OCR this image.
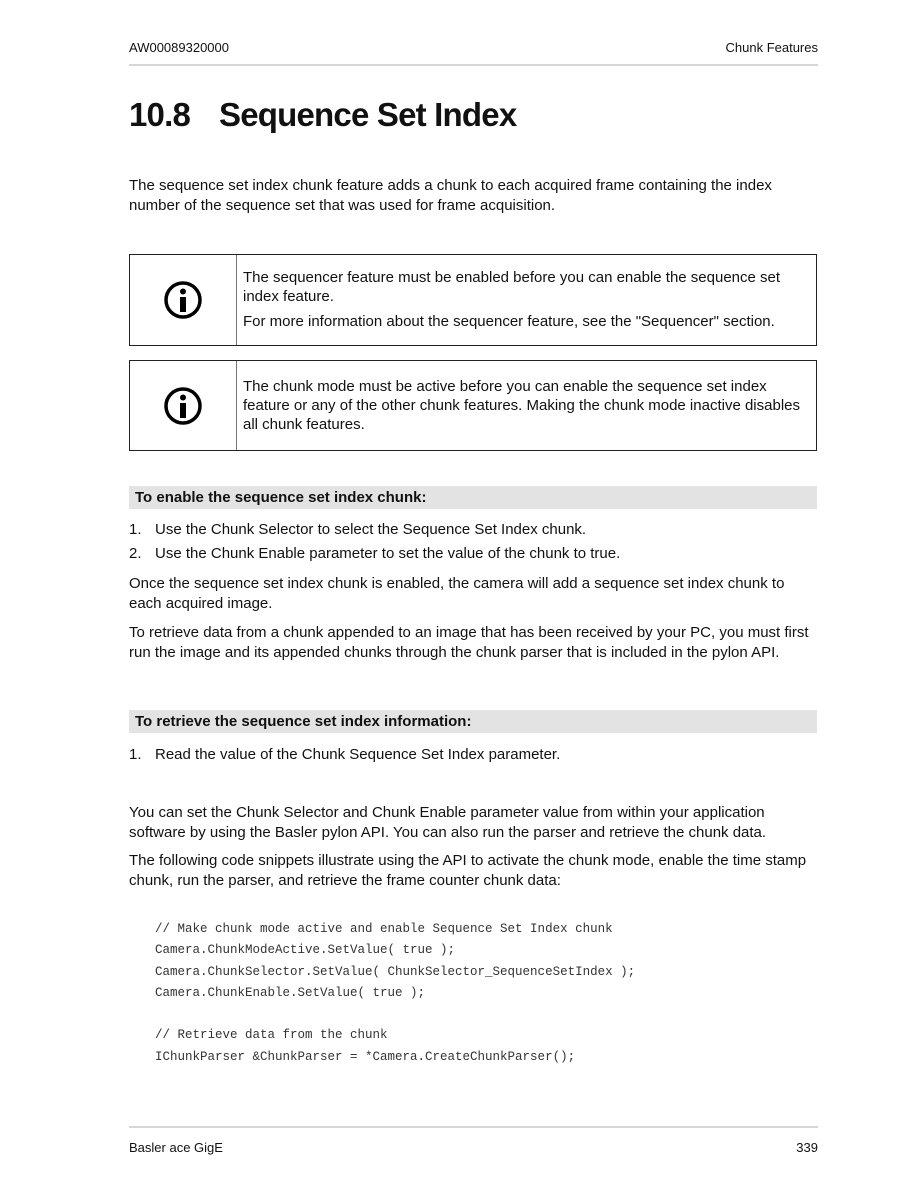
AW00089320000	Chunk Features
10.8 Sequence Set Index

The sequence set index chunk feature adds a chunk to each acquired frame containing the index number of the sequence set that was used for frame acquisition.

The sequencer feature must be enabled before you can enable the sequence set index feature.

For more information about the sequencer feature, see the "Sequencer" section.

The chunk mode must be active before you can enable the sequence set index feature or any of the other chunk features. Making the chunk mode inactive disables all chunk features.

To enable the sequence set index chunk:
1. Use the Chunk Selector to select the Sequence Set Index chunk.
2. Use the Chunk Enable parameter to set the value of the chunk to true.

Once the sequence set index chunk is enabled, the camera will add a sequence set index chunk to each acquired image.

To retrieve data from a chunk appended to an image that has been received by your PC, you must first run the image and its appended chunks through the chunk parser that is included in the pylon API.

To retrieve the sequence set index information:
1. Read the value of the Chunk Sequence Set Index parameter.

You can set the Chunk Selector and Chunk Enable parameter value from within your application software by using the Basler pylon API. You can also run the parser and retrieve the chunk data.

The following code snippets illustrate using the API to activate the chunk mode, enable the time stamp chunk, run the parser, and retrieve the frame counter chunk data:

// Make chunk mode active and enable Sequence Set Index chunk
Camera.ChunkModeActive.SetValue( true );
Camera.ChunkSelector.SetValue( ChunkSelector_SequenceSetIndex );
Camera.ChunkEnable.SetValue( true );
// Retrieve data from the chunk
IChunkParser &ChunkParser = *Camera.CreateChunkParser();
Basler ace GigE	339
